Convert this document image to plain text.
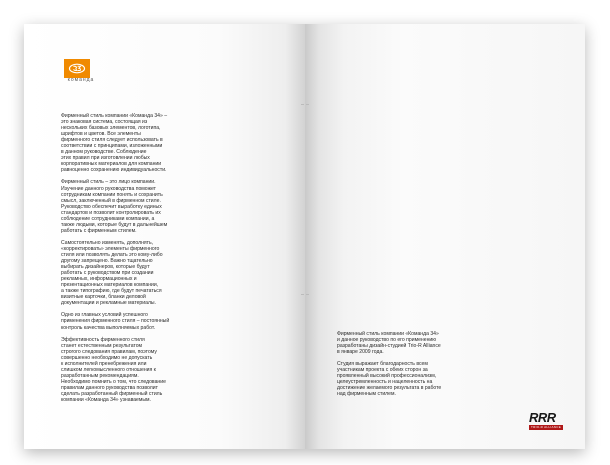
команда

Фирменный стиль компании «Команда 34» –
это знаковая система, состоящая из
нескольких базовых элементов, логотипа,
шрифтов и цветов. Все элементы
фирменного стиля следует использовать в
соответствии с принципами, изложенными
в данном руководстве. Соблюдение
этих правил при изготовлении любых
корпоративных материалов для компании
равноценно сохранению индивидуальности.

Фирменный стиль – это лицо компании.
Изучение данного руководства поможет
сотрудникам компании понять и сохранить
смысл, заключенный в фирменном стиле.
Руководство обеспечит выработку единых
стандартов и позволит контролировать их
соблюдение сотрудниками компании, а
также людьми, которые будут в дальнейшем
работать с фирменным стилем.

Самостоятельно изменять, дополнять,
«корректировать» элементы фирменного
стиля или позволять делать это кому-либо
другому запрещено. Важно тщательно
выбирать дизайнеров, которые будут
работать с руководством при создании
рекламных, информационных и
презентационных материалов компании,
а также типографию, где будут печататься
визитные карточки, бланки деловой
документации и рекламные материалы.

Одно из главных условий успешного
применения фирменного стиля – постоянный
контроль качества выполняемых работ.

Эффективность фирменного стиля
станет естественным результатом
строгого следования правилам, поэтому
совершенно необходимо не допускать
к исполнителей пренебрежения или
слишком легкомысленного отношения к
разработанным рекомендациям.
Необходимо помнить о том, что следование
правилам данного руководства позволит
сделать разработанный фирменный стиль
компании «Команда 34» узнаваемым.

Фирменный стиль компании «Команда 34»
и данное руководство по его применению
разработаны дизайн-студией Trio-R Alliance
в январе 2009 года.

Студия выражает благодарность всем
участникам проекта с обеих сторон за
проявленный высокий профессионализм,
целеустремленность и нацеленность на
достижение желаемого результата в работе
над фирменным стилем.

RRR
TRIO-R ALLIANCE
